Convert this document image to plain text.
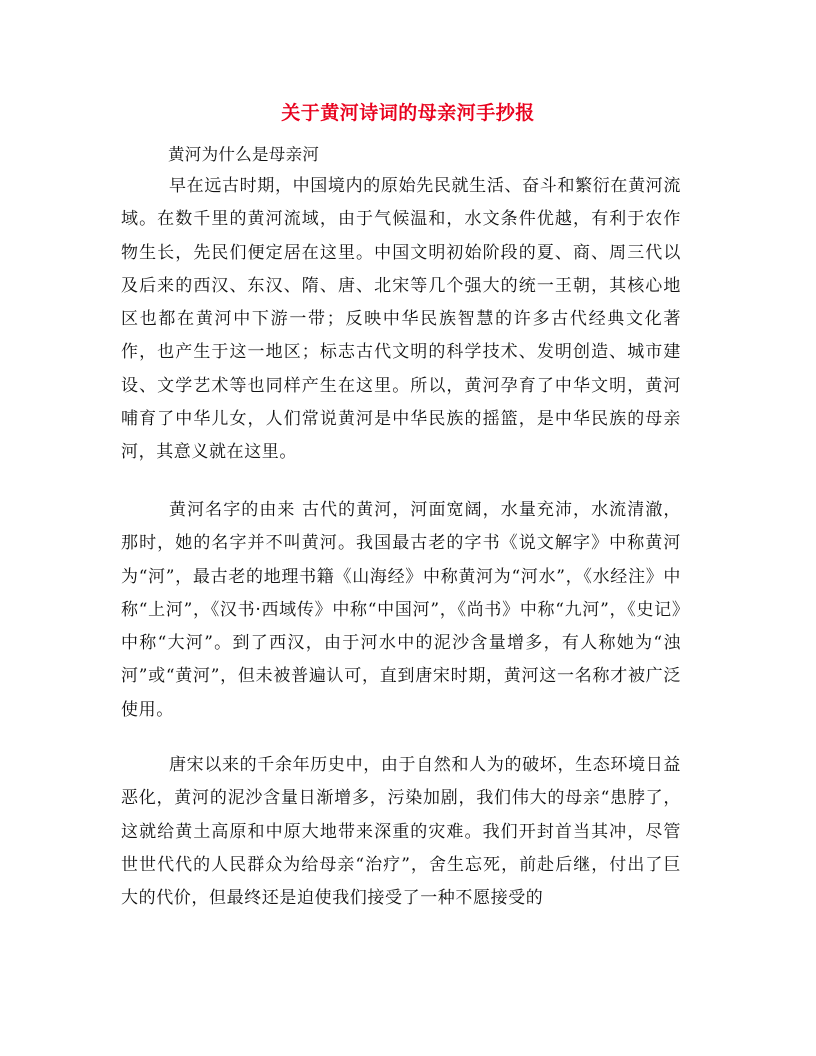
关于黄河诗词的母亲河手抄报

黄河为什么是母亲河

早在远古时期，中国境内的原始先民就生活、奋斗和繁衍在黄河流域。在数千里的黄河流域，由于气候温和，水文条件优越，有利于农作物生长，先民们便定居在这里。中国文明初始阶段的夏、商、周三代以及后来的西汉、东汉、隋、唐、北宋等几个强大的统一王朝，其核心地区也都在黄河中下游一带；反映中华民族智慧的许多古代经典文化著作，也产生于这一地区；标志古代文明的科学技术、发明创造、城市建设、文学艺术等也同样产生在这里。所以，黄河孕育了中华文明，黄河哺育了中华儿女，人们常说黄河是中华民族的摇篮，是中华民族的母亲河，其意义就在这里。

黄河名字的由来 古代的黄河，河面宽阔，水量充沛，水流清澈，那时，她的名字并不叫黄河。我国最古老的字书《说文解字》中称黄河为“河”，最古老的地理书籍《山海经》中称黄河为“河水”，《水经注》中称“上河”，《汉书·西域传》中称“中国河”，《尚书》中称“九河”，《史记》中称“大河”。到了西汉，由于河水中的泥沙含量增多，有人称她为“浊河”或“黄河”，但未被普遍认可，直到唐宋时期，黄河这一名称才被广泛使用。

唐宋以来的千余年历史中，由于自然和人为的破坏，生态环境日益恶化，黄河的泥沙含量日渐增多，污染加剧，我们伟大的母亲“患脖了，这就给黄土高原和中原大地带来深重的灾难。我们开封首当其冲，尽管世世代代的人民群众为给母亲“治疗”，舍生忘死，前赴后继，付出了巨大的代价，但最终还是迫使我们接受了一种不愿接受的
